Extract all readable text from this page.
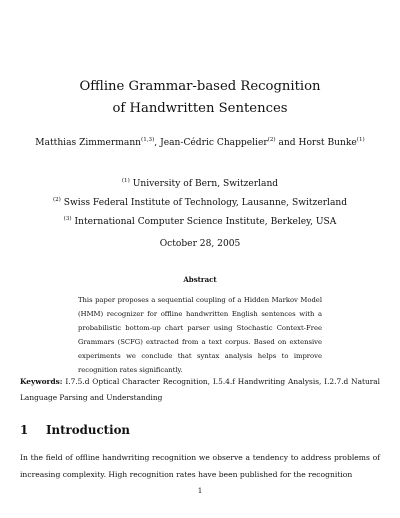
Offline Grammar-based Recognition
of Handwritten Sentences
Matthias Zimmermann$^{(1,3)}$, Jean-Cédric Chappelier$^{(2)}$ and Horst Bunke$^{(1)}$
$^{(1)}$ University of Bern, Switzerland
$^{(2)}$ Swiss Federal Institute of Technology, Lausanne, Switzerland
$^{(3)}$ International Computer Science Institute, Berkeley, USA
October 28, 2005
Abstract
This paper proposes a sequential coupling of a Hidden Markov Model (HMM) recognizer for offline handwritten English sentences with a probabilistic bottom-up chart parser using Stochastic Context-Free Grammars (SCFG) extracted from a text corpus. Based on extensive experiments we conclude that syntax analysis helps to improve recognition rates significantly.
Keywords: I.7.5.d Optical Character Recognition, I.5.4.f Handwriting Analysis, I.2.7.d Natural Language Parsing and Understanding
1 Introduction
In the field of offline handwriting recognition we observe a tendency to address problems of increasing complexity. High recognition rates have been published for the recognition
1
